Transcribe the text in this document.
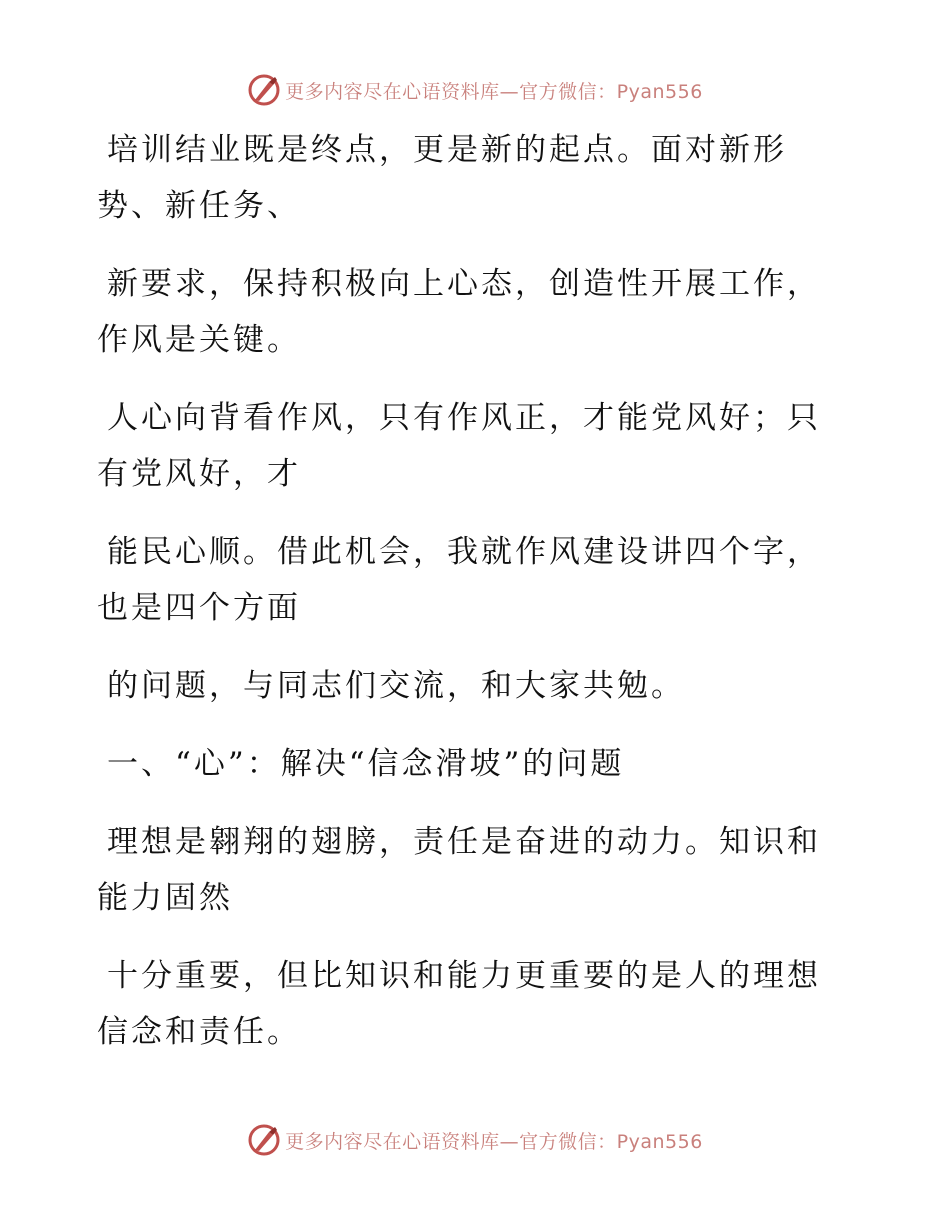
更多内容尽在心语资料库—官方微信：Pyan556

培训结业既是终点，更是新的起点。面对新形
势、新任务、

新要求，保持积极向上心态，创造性开展工作，
作风是关键。

人心向背看作风，只有作风正，才能党风好；只
有党风好，才

能民心顺。借此机会，我就作风建设讲四个字，
也是四个方面

的问题，与同志们交流，和大家共勉。

一、“心”：解决“信念滑坡”的问题

理想是翱翔的翅膀，责任是奋进的动力。知识和
能力固然

十分重要，但比知识和能力更重要的是人的理想
信念和责任。

更多内容尽在心语资料库—官方微信：Pyan556
